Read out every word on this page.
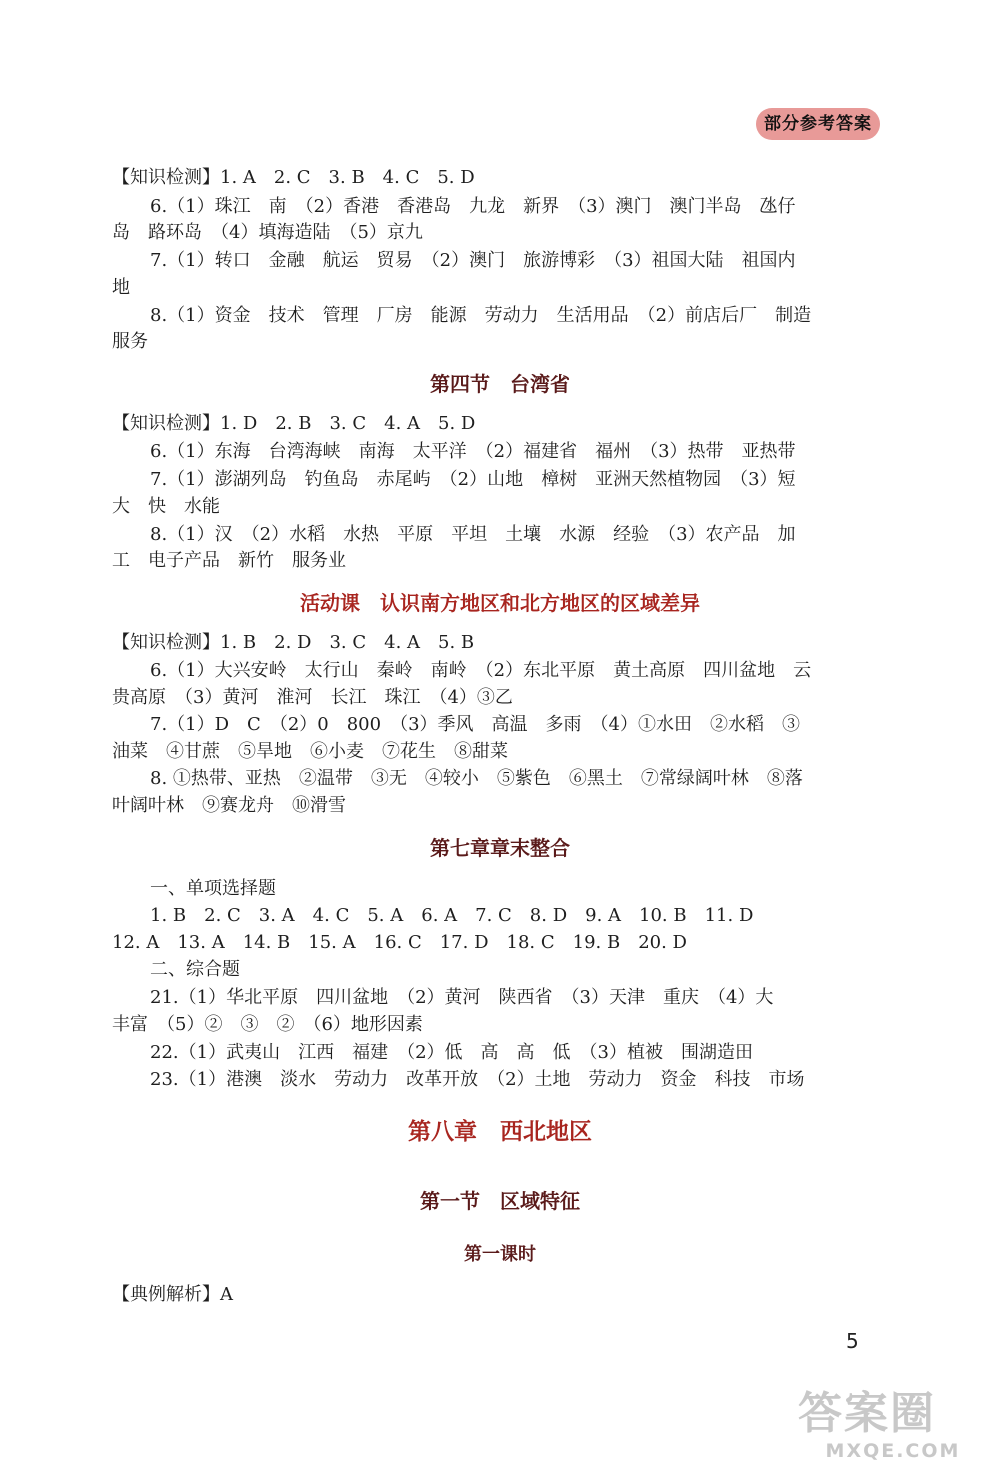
部分参考答案
【知识检测】1. A　2. C　3. B　4. C　5. D
6.（1）珠江　南　（2）香港　香港岛　九龙　新界　（3）澳门　澳门半岛　氹仔
岛　路环岛　（4）填海造陆　（5）京九
7.（1）转口　金融　航运　贸易　（2）澳门　旅游博彩　（3）祖国大陆　祖国内
地
8.（1）资金　技术　管理　厂房　能源　劳动力　生活用品　（2）前店后厂　制造
服务
第四节　台湾省
【知识检测】1. D　2. B　3. C　4. A　5. D
6.（1）东海　台湾海峡　南海　太平洋　（2）福建省　福州　（3）热带　亚热带
7.（1）澎湖列岛　钓鱼岛　赤尾屿　（2）山地　樟树　亚洲天然植物园　（3）短
大　快　水能
8.（1）汉　（2）水稻　水热　平原　平坦　土壤　水源　经验　（3）农产品　加
工　电子产品　新竹　服务业
活动课　认识南方地区和北方地区的区域差异
【知识检测】1. B　2. D　3. C　4. A　5. B
6.（1）大兴安岭　太行山　秦岭　南岭　（2）东北平原　黄土高原　四川盆地　云
贵高原　（3）黄河　淮河　长江　珠江　（4）③乙
7.（1）D　C　（2）0　800　（3）季风　高温　多雨　（4）①水田　②水稻　③
油菜　④甘蔗　⑤旱地　⑥小麦　⑦花生　⑧甜菜
8. ①热带、亚热　②温带　③无　④较小　⑤紫色　⑥黑土　⑦常绿阔叶林　⑧落
叶阔叶林　⑨赛龙舟　⑩滑雪
第七章章末整合
一、单项选择题
1. B　2. C　3. A　4. C　5. A　6. A　7. C　8. D　9. A　10. B　11. D
12. A　13. A　14. B　15. A　16. C　17. D　18. C　19. B　20. D
二、综合题
21.（1）华北平原　四川盆地　（2）黄河　陕西省　（3）天津　重庆　（4）大
丰富　（5）②　③　②　（6）地形因素
22.（1）武夷山　江西　福建　（2）低　高　高　低　（3）植被　围湖造田
23.（1）港澳　淡水　劳动力　改革开放　（2）土地　劳动力　资金　科技　市场
第八章　西北地区
第一节　区域特征
第一课时
【典例解析】A
5
答案圈
MXQE.COM
